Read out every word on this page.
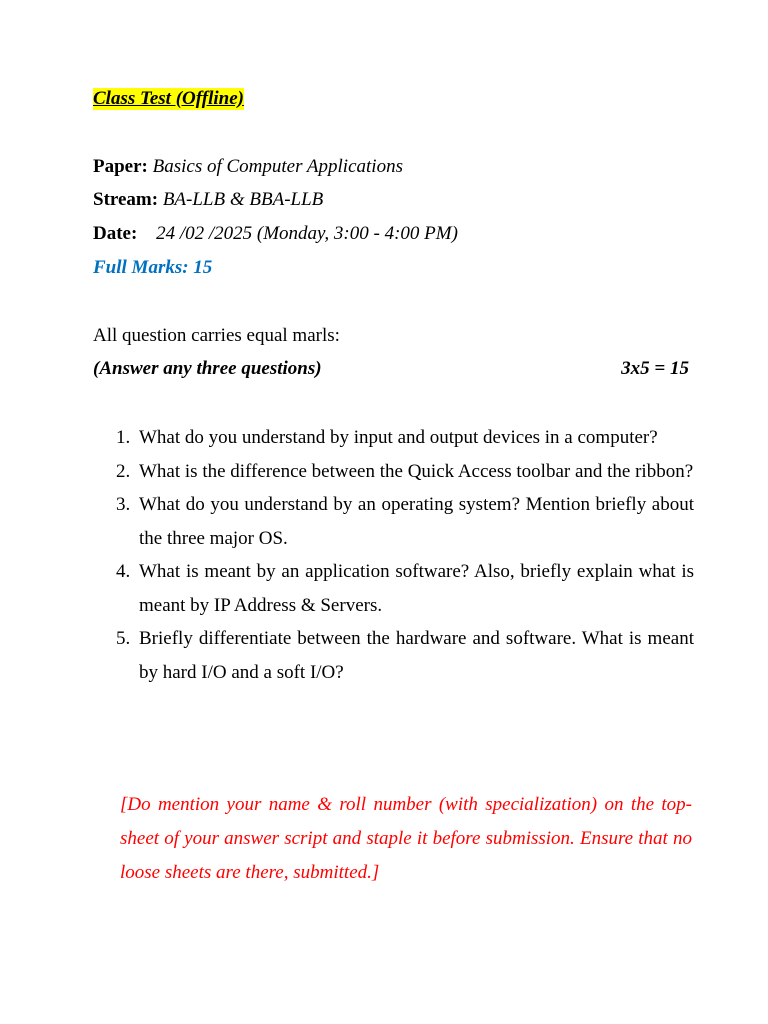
Class Test (Offline)
Paper: Basics of Computer Applications
Stream: BA-LLB & BBA-LLB
Date: 24 /02 /2025 (Monday, 3:00 - 4:00 PM)
Full Marks: 15
All question carries equal marls:
(Answer any three questions)	3x5 = 15
1. What do you understand by input and output devices in a computer?
2. What is the difference between the Quick Access toolbar and the ribbon?
3. What do you understand by an operating system? Mention briefly about the three major OS.
4. What is meant by an application software? Also, briefly explain what is meant by IP Address & Servers.
5. Briefly differentiate between the hardware and software. What is meant by hard I/O and a soft I/O?
[Do mention your name & roll number (with specialization) on the top-sheet of your answer script and staple it before submission. Ensure that no loose sheets are there, submitted.]
